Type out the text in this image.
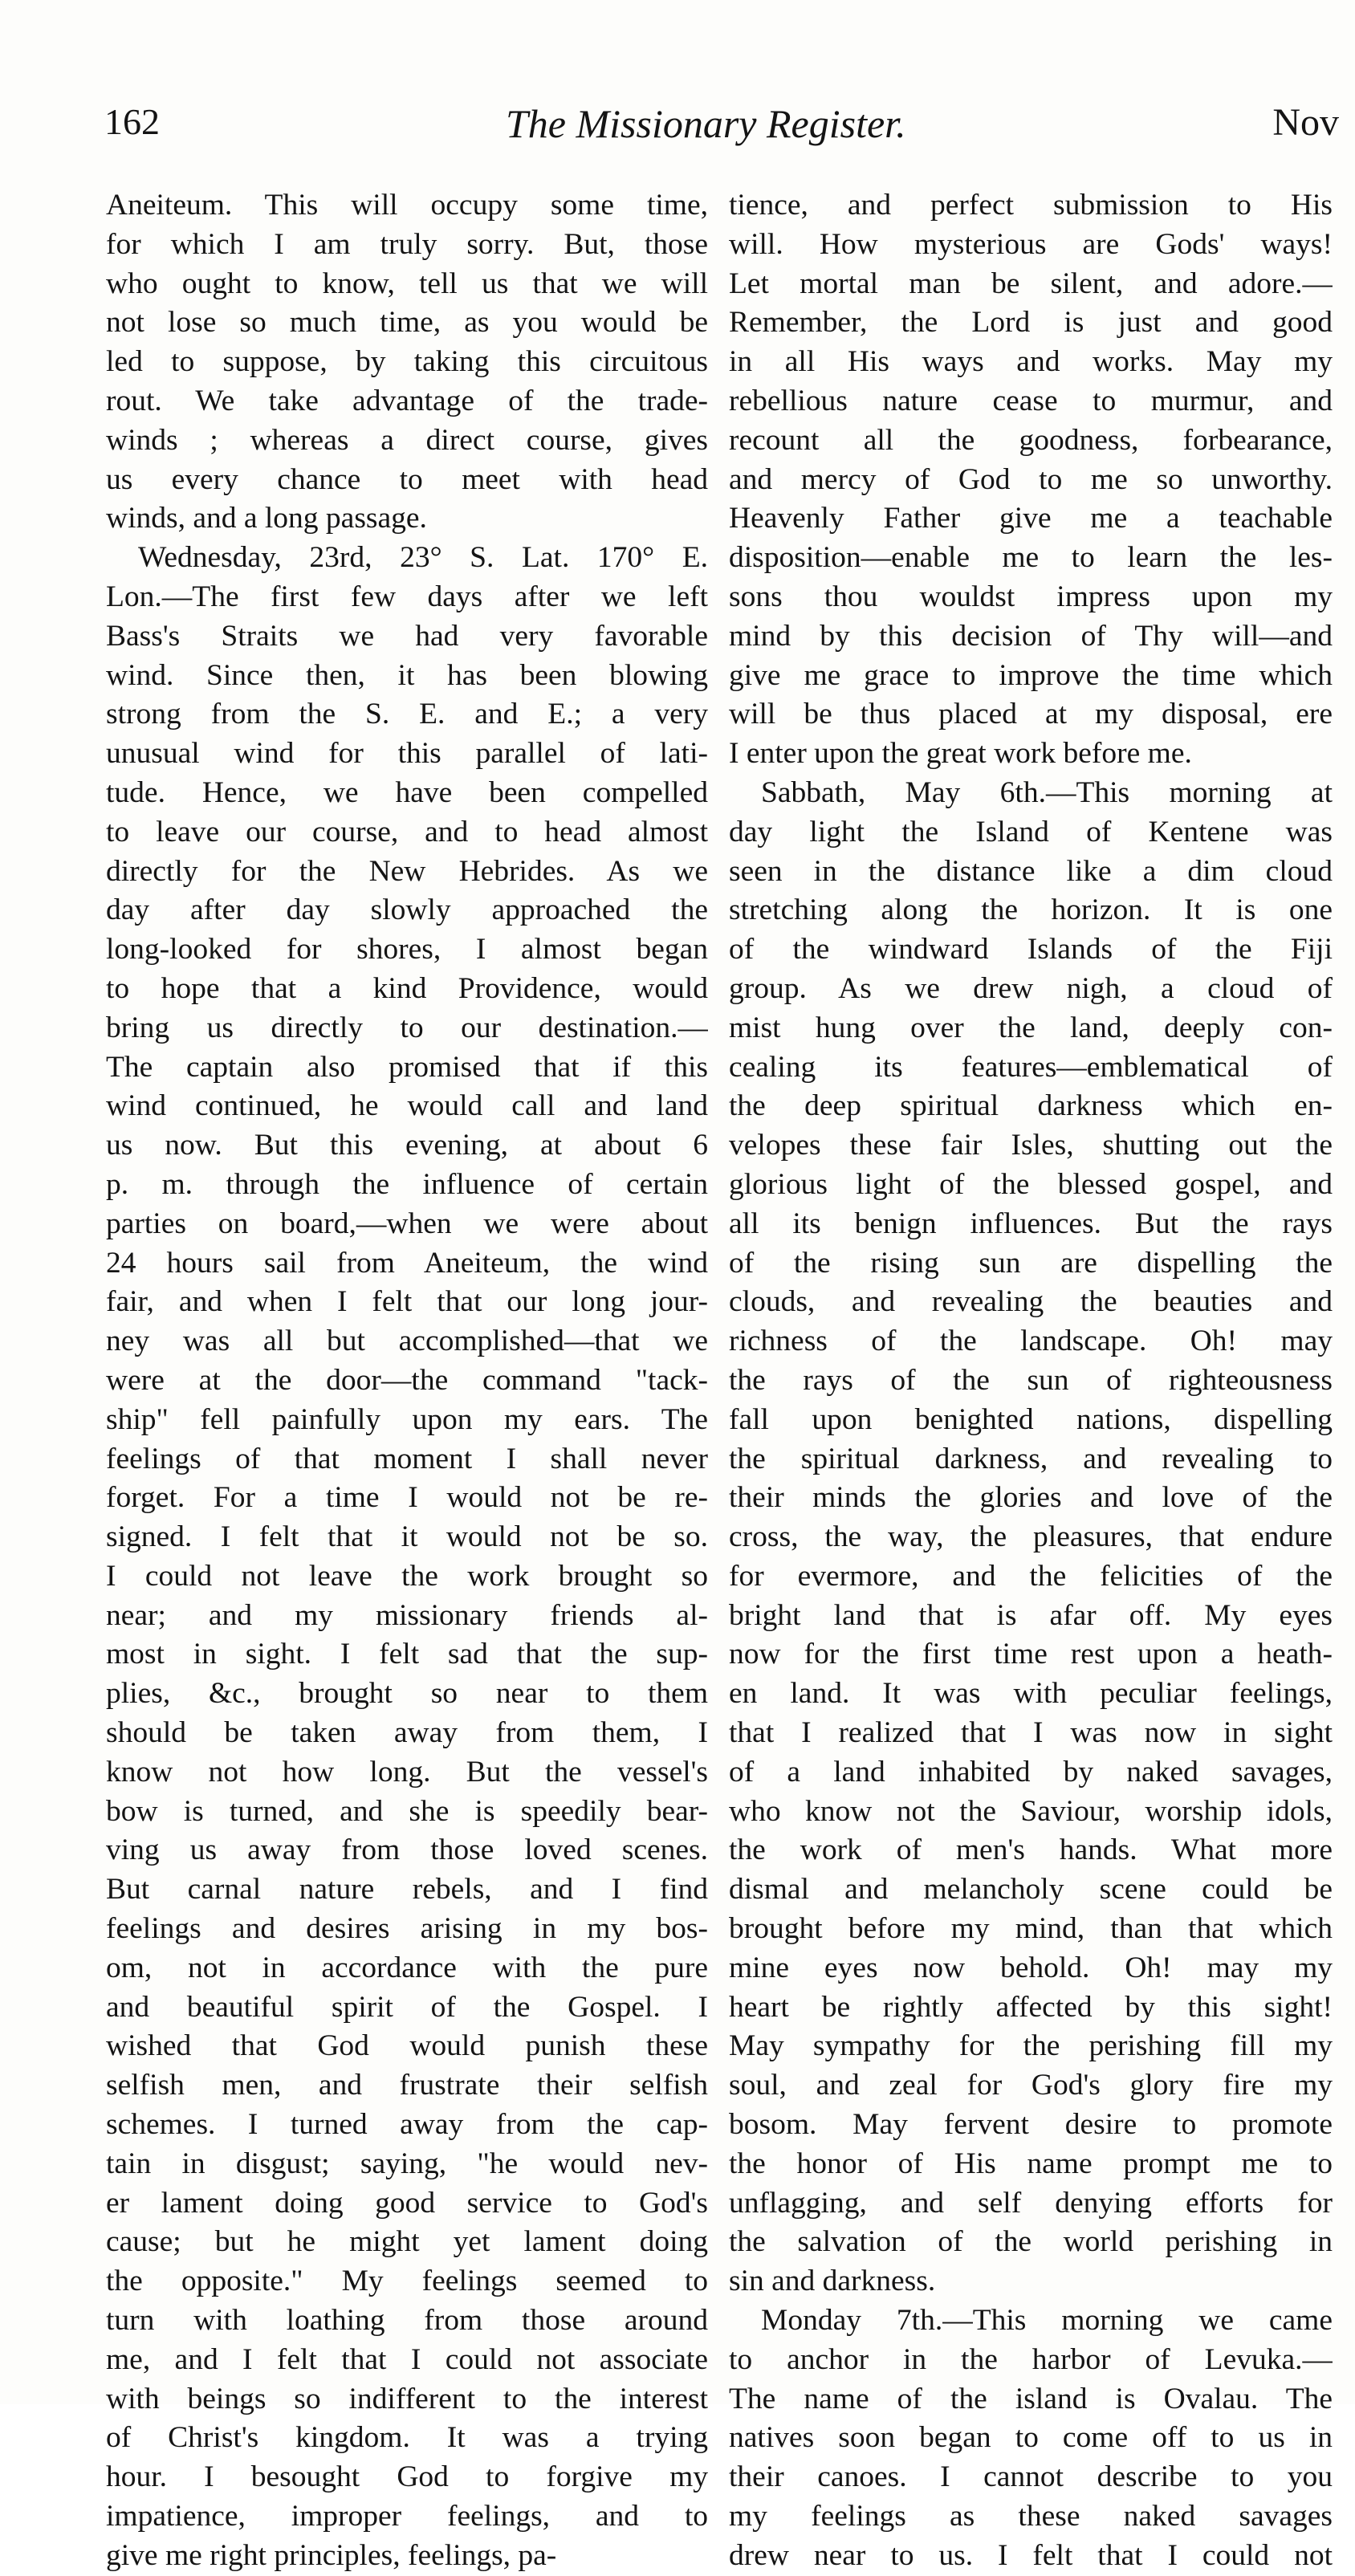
162	The Missionary Register.	Nov
Aneiteum. This will occupy some time,
for which I am truly sorry. But, those
who ought to know, tell us that we will
not lose so much time, as you would be
led to suppose, by taking this circuitous
rout. We take advantage of the trade-
winds ; whereas a direct course, gives
us every chance to meet with head
winds, and a long passage.
Wednesday, 23rd, 23° S. Lat. 170° E.
Lon.—The first few days after we left
Bass's Straits we had very favorable
wind. Since then, it has been blowing
strong from the S. E. and E.; a very
unusual wind for this parallel of lati-
tude. Hence, we have been compelled
to leave our course, and to head almost
directly for the New Hebrides. As we
day after day slowly approached the
long-looked for shores, I almost began
to hope that a kind Providence, would
bring us directly to our destination.—
The captain also promised that if this
wind continued, he would call and land
us now. But this evening, at about 6
p. m. through the influence of certain
parties on board,—when we were about
24 hours sail from Aneiteum, the wind
fair, and when I felt that our long jour-
ney was all but accomplished—that we
were at the door—the command "tack-
ship" fell painfully upon my ears. The
feelings of that moment I shall never
forget. For a time I would not be re-
signed. I felt that it would not be so.
I could not leave the work brought so
near; and my missionary friends al-
most in sight. I felt sad that the sup-
plies, &c., brought so near to them
should be taken away from them, I
know not how long. But the vessel's
bow is turned, and she is speedily bear-
ving us away from those loved scenes.
But carnal nature rebels, and I find
feelings and desires arising in my bos-
om, not in accordance with the pure
and beautiful spirit of the Gospel. I
wished that God would punish these
selfish men, and frustrate their selfish
schemes. I turned away from the cap-
tain in disgust; saying, "he would nev-
er lament doing good service to God's
cause; but he might yet lament doing
the opposite." My feelings seemed to
turn with loathing from those around
me, and I felt that I could not associate
with beings so indifferent to the interest
of Christ's kingdom. It was a trying
hour. I besought God to forgive my
impatience, improper feelings, and to
give me right principles, feelings, pa-
tience, and perfect submission to His
will. How mysterious are Gods' ways!
Let mortal man be silent, and adore.—
Remember, the Lord is just and good
in all His ways and works. May my
rebellious nature cease to murmur, and
recount all the goodness, forbearance,
and mercy of God to me so unworthy.
Heavenly Father give me a teachable
disposition—enable me to learn the les-
sons thou wouldst impress upon my
mind by this decision of Thy will—and
give me grace to improve the time which
will be thus placed at my disposal, ere
I enter upon the great work before me.
Sabbath, May 6th.—This morning at
day light the Island of Kentene was
seen in the distance like a dim cloud
stretching along the horizon. It is one
of the windward Islands of the Fiji
group. As we drew nigh, a cloud of
mist hung over the land, deeply con-
cealing its features—emblematical of
the deep spiritual darkness which en-
velopes these fair Isles, shutting out the
glorious light of the blessed gospel, and
all its benign influences. But the rays
of the rising sun are dispelling the
clouds, and revealing the beauties and
richness of the landscape. Oh! may
the rays of the sun of righteousness
fall upon benighted nations, dispelling
the spiritual darkness, and revealing to
their minds the glories and love of the
cross, the way, the pleasures, that endure
for evermore, and the felicities of the
bright land that is afar off. My eyes
now for the first time rest upon a heath-
en land. It was with peculiar feelings,
that I realized that I was now in sight
of a land inhabited by naked savages,
who know not the Saviour, worship idols,
the work of men's hands. What more
dismal and melancholy scene could be
brought before my mind, than that which
mine eyes now behold. Oh! may my
heart be rightly affected by this sight!
May sympathy for the perishing fill my
soul, and zeal for God's glory fire my
bosom. May fervent desire to promote
the honor of His name prompt me to
unflagging, and self denying efforts for
the salvation of the world perishing in
sin and darkness.
Monday 7th.—This morning we came
to anchor in the harbor of Levuka.—
The name of the island is Ovalau. The
natives soon began to come off to us in
their canoes. I cannot describe to you
my feelings as these naked savages
drew near to us. I felt that I could not
